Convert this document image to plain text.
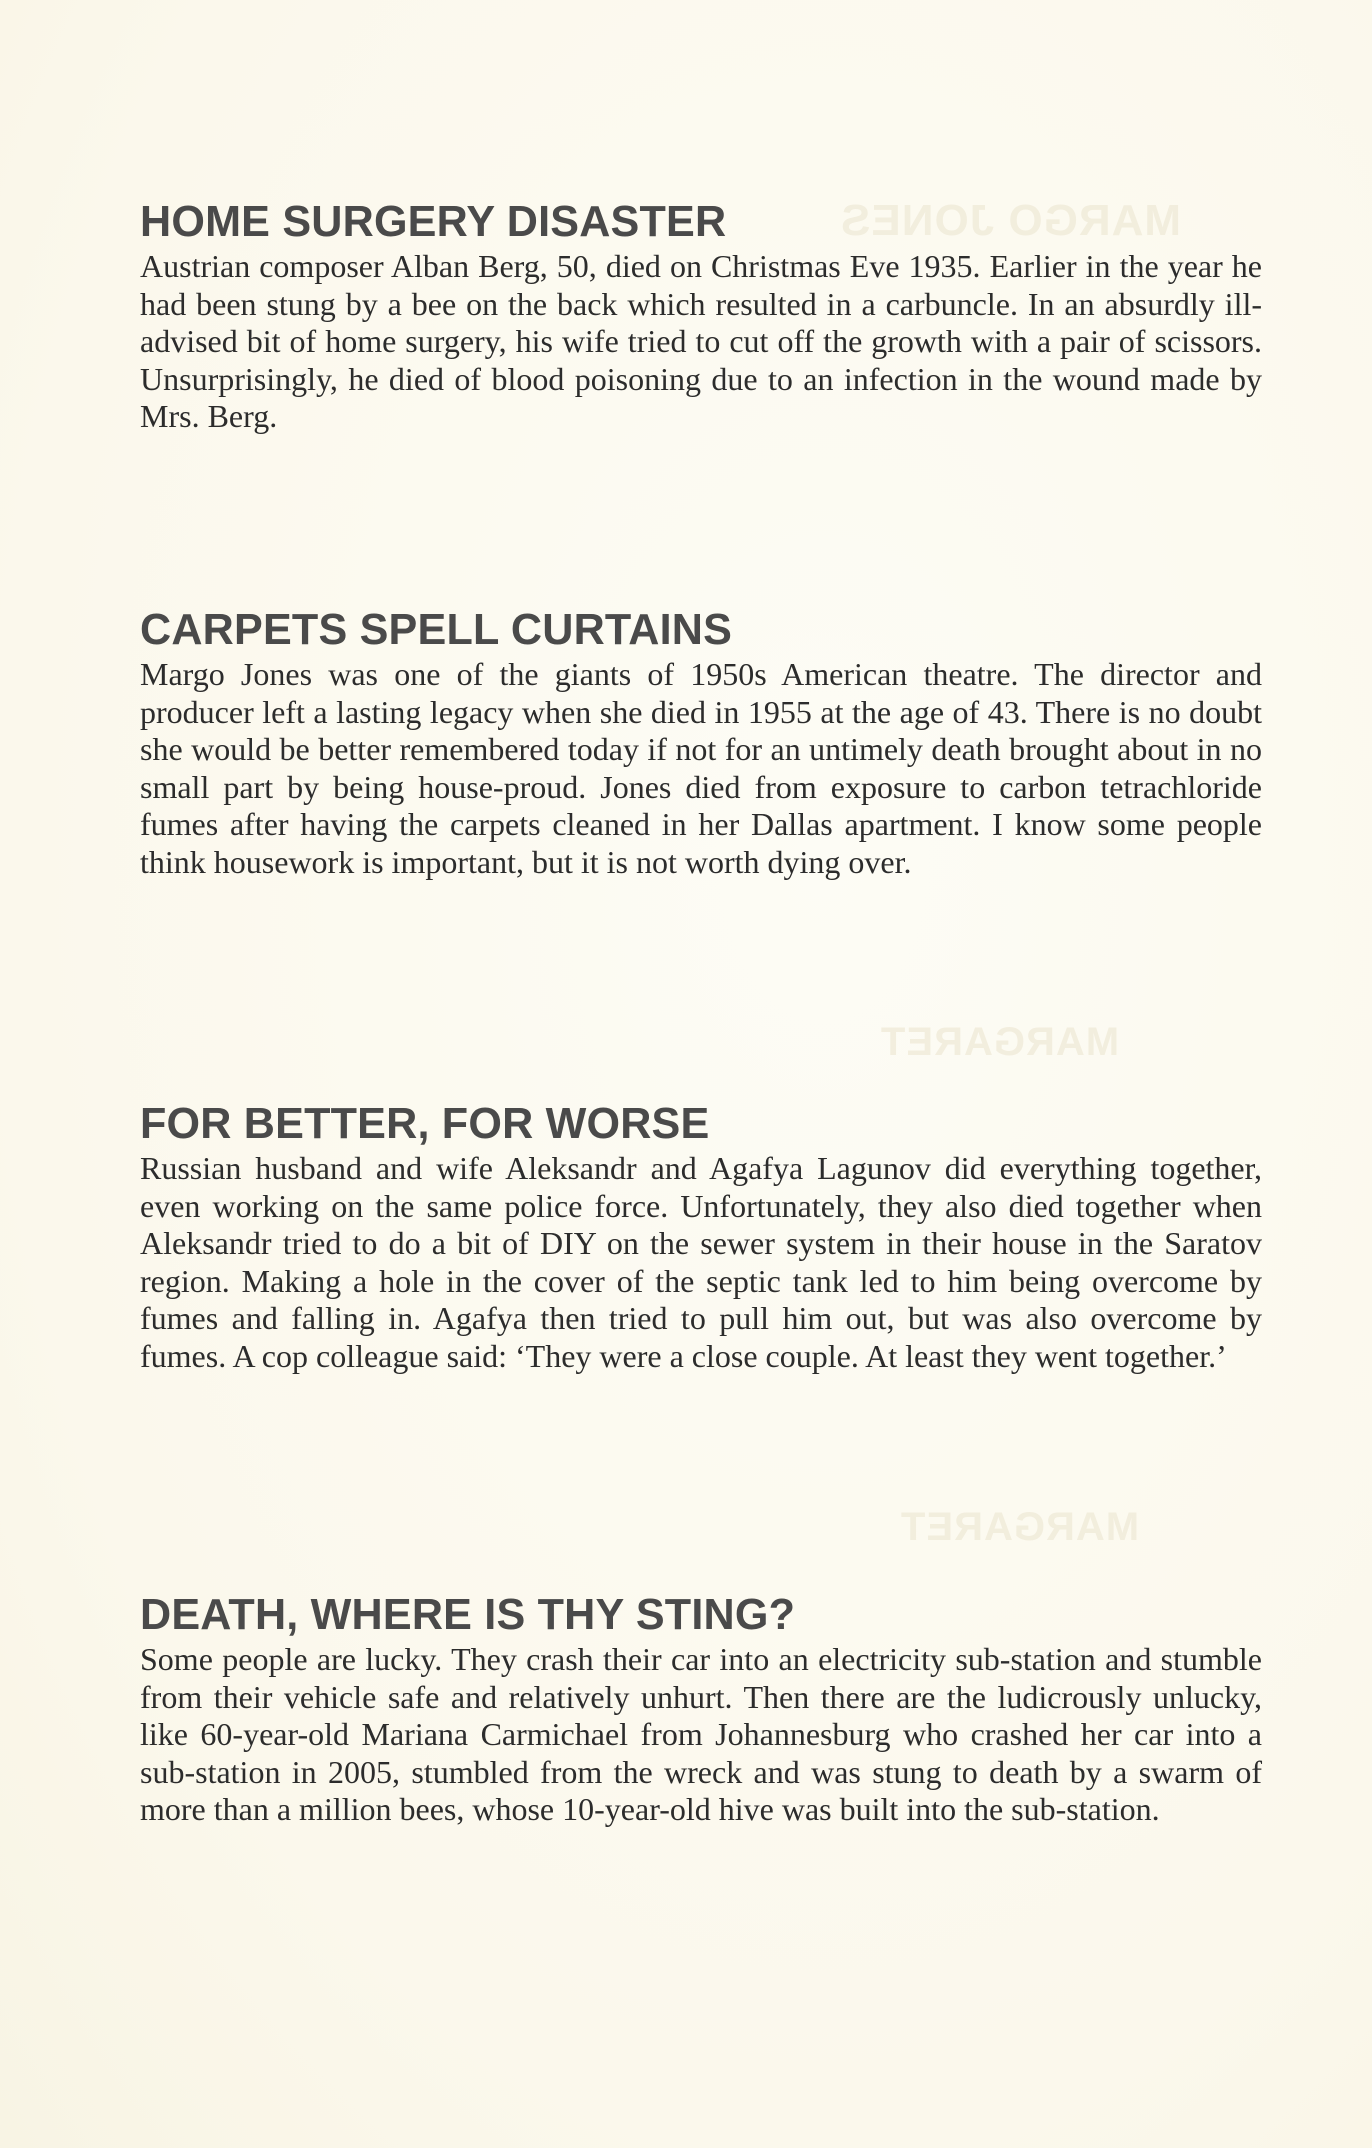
MARGO JONES
MARGARET
MARGARET
HOME SURGERY DISASTER

Austrian composer Alban Berg, 50, died on Christmas Eve 1935. Earlier in the year he had been stung by a bee on the back which resulted in a carbuncle. In an absurdly ill-advised bit of home surgery, his wife tried to cut off the growth with a pair of scissors. Unsurprisingly, he died of blood poisoning due to an infection in the wound made by Mrs. Berg.

CARPETS SPELL CURTAINS

Margo Jones was one of the giants of 1950s American theatre. The director and producer left a lasting legacy when she died in 1955 at the age of 43. There is no doubt she would be better remembered today if not for an untimely death brought about in no small part by being house-proud. Jones died from exposure to carbon tetrachloride fumes after having the carpets cleaned in her Dallas apartment. I know some people think housework is important, but it is not worth dying over.

FOR BETTER, FOR WORSE

Russian husband and wife Aleksandr and Agafya Lagunov did everything together, even working on the same police force. Unfortunately, they also died together when Aleksandr tried to do a bit of DIY on the sewer system in their house in the Saratov region. Making a hole in the cover of the septic tank led to him being overcome by fumes and falling in. Agafya then tried to pull him out, but was also overcome by fumes. A cop colleague said: ‘They were a close couple. At least they went together.’

DEATH, WHERE IS THY STING?

Some people are lucky. They crash their car into an electricity sub-station and stumble from their vehicle safe and relatively unhurt. Then there are the ludicrously unlucky, like 60-year-old Mariana Carmichael from Johannesburg who crashed her car into a sub-station in 2005, stumbled from the wreck and was stung to death by a swarm of more than a million bees, whose 10-year-old hive was built into the sub-station.
